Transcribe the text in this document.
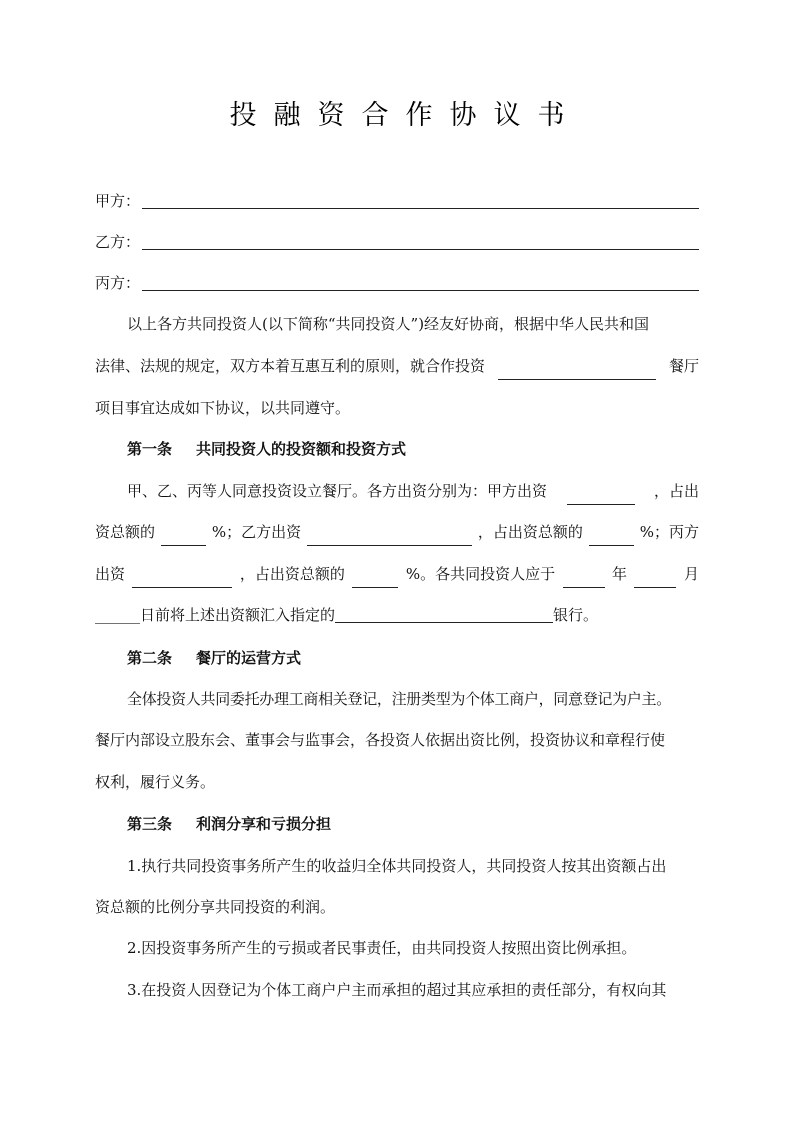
投融资合作协议书
甲方：
乙方：
丙方：
以上各方共同投资人(以下简称“共同投资人”)经友好协商，根据中华人民共和国
法律、法规的规定，双方本着互惠互利的原则，就合作投资	餐厅
项目事宜达成如下协议，以共同遵守。
第一条 共同投资人的投资额和投资方式
甲、乙、丙等人同意投资设立餐厅。各方出资分别为：甲方出资	，占出
资总额的	%；乙方出资	，占出资总额的	%；丙方
出资	，占出资总额的	%。各共同投资人应于	年	月
______日前将上述出资额汇入指定的	银行。
第二条 餐厅的运营方式
全体投资人共同委托办理工商相关登记，注册类型为个体工商户，同意登记为户主。
餐厅内部设立股东会、董事会与监事会，各投资人依据出资比例，投资协议和章程行使
权利，履行义务。
第三条 利润分享和亏损分担
1.执行共同投资事务所产生的收益归全体共同投资人，共同投资人按其出资额占出
资总额的比例分享共同投资的利润。
2.因投资事务所产生的亏损或者民事责任，由共同投资人按照出资比例承担。
3.在投资人因登记为个体工商户户主而承担的超过其应承担的责任部分，有权向其
